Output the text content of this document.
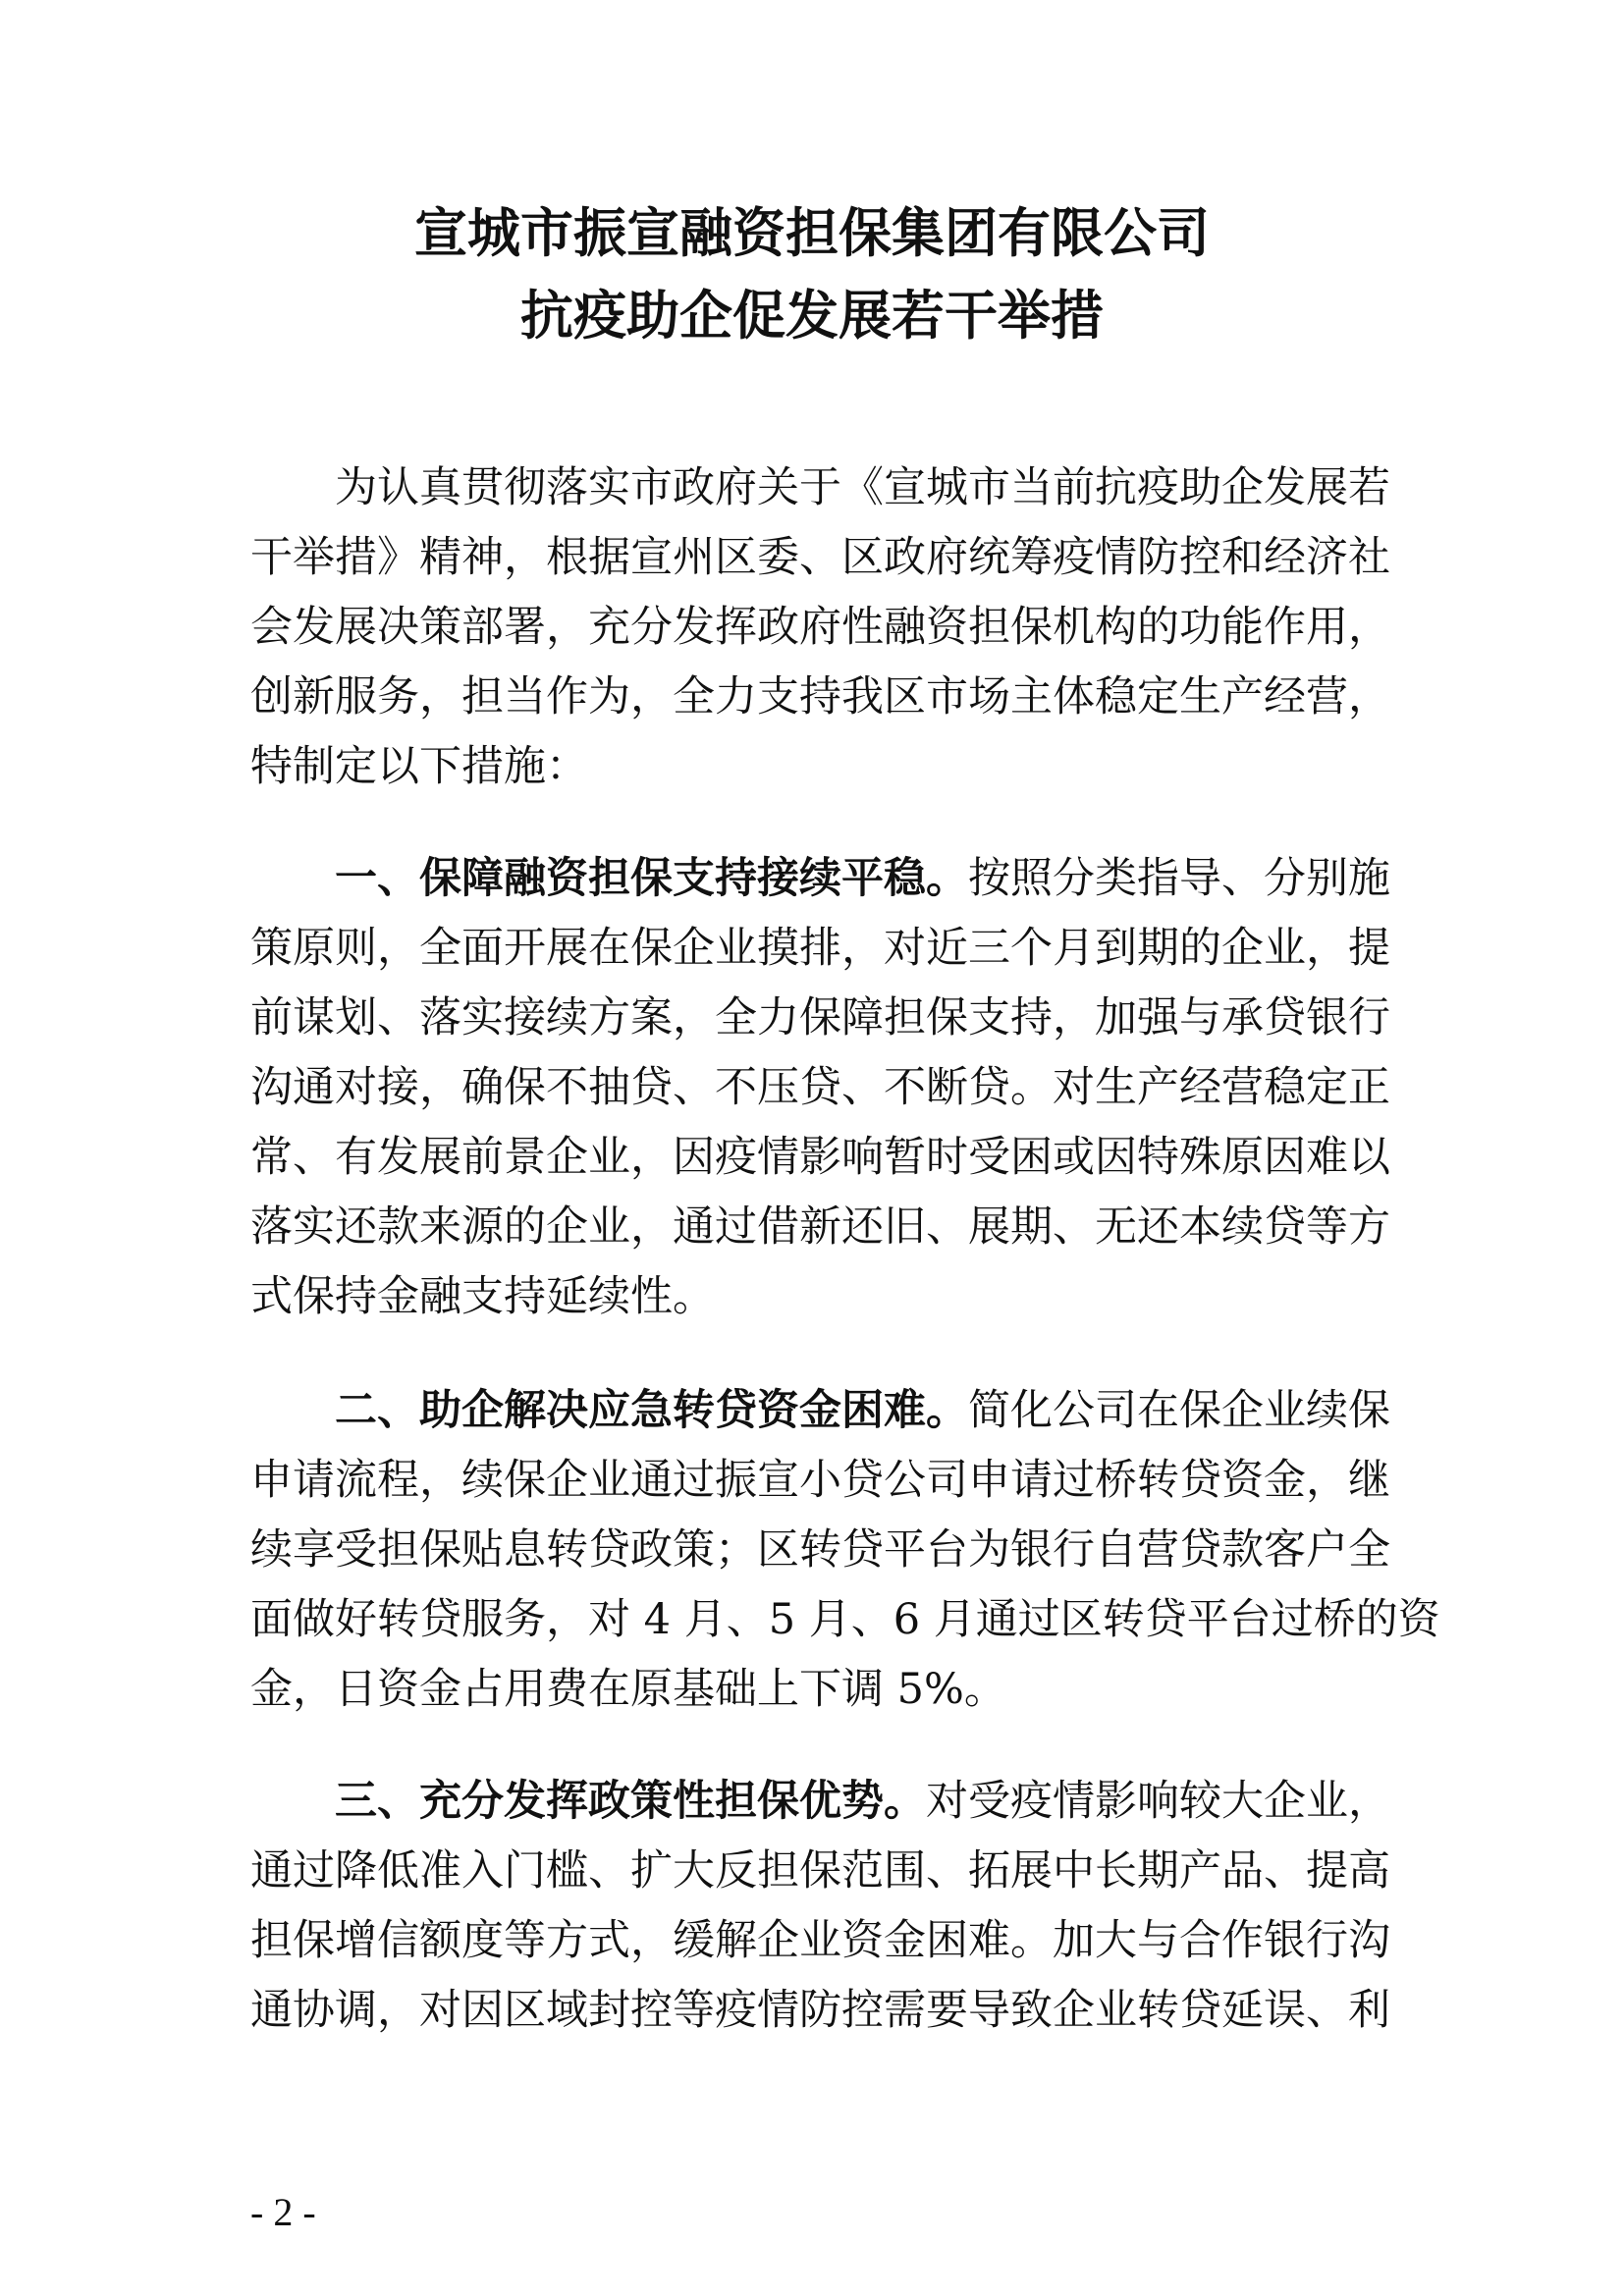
宣城市振宣融资担保集团有限公司
抗疫助企促发展若干举措
为认真贯彻落实市政府关于《宣城市当前抗疫助企发展若
干举措》精神，根据宣州区委、区政府统筹疫情防控和经济社
会发展决策部署，充分发挥政府性融资担保机构的功能作用，
创新服务，担当作为，全力支持我区市场主体稳定生产经营，
特制定以下措施：
一、保障融资担保支持接续平稳。按照分类指导、分别施
策原则，全面开展在保企业摸排，对近三个月到期的企业，提
前谋划、落实接续方案，全力保障担保支持，加强与承贷银行
沟通对接，确保不抽贷、不压贷、不断贷。对生产经营稳定正
常、有发展前景企业，因疫情影响暂时受困或因特殊原因难以
落实还款来源的企业，通过借新还旧、展期、无还本续贷等方
式保持金融支持延续性。
二、助企解决应急转贷资金困难。简化公司在保企业续保
申请流程，续保企业通过振宣小贷公司申请过桥转贷资金，继
续享受担保贴息转贷政策；区转贷平台为银行自营贷款客户全
面做好转贷服务，对 4 月、5 月、6 月通过区转贷平台过桥的资
金，日资金占用费在原基础上下调 5%。
三、充分发挥政策性担保优势。对受疫情影响较大企业，
通过降低准入门槛、扩大反担保范围、拓展中长期产品、提高
担保增信额度等方式，缓解企业资金困难。加大与合作银行沟
通协调，对因区域封控等疫情防控需要导致企业转贷延误、利
- 2 -
